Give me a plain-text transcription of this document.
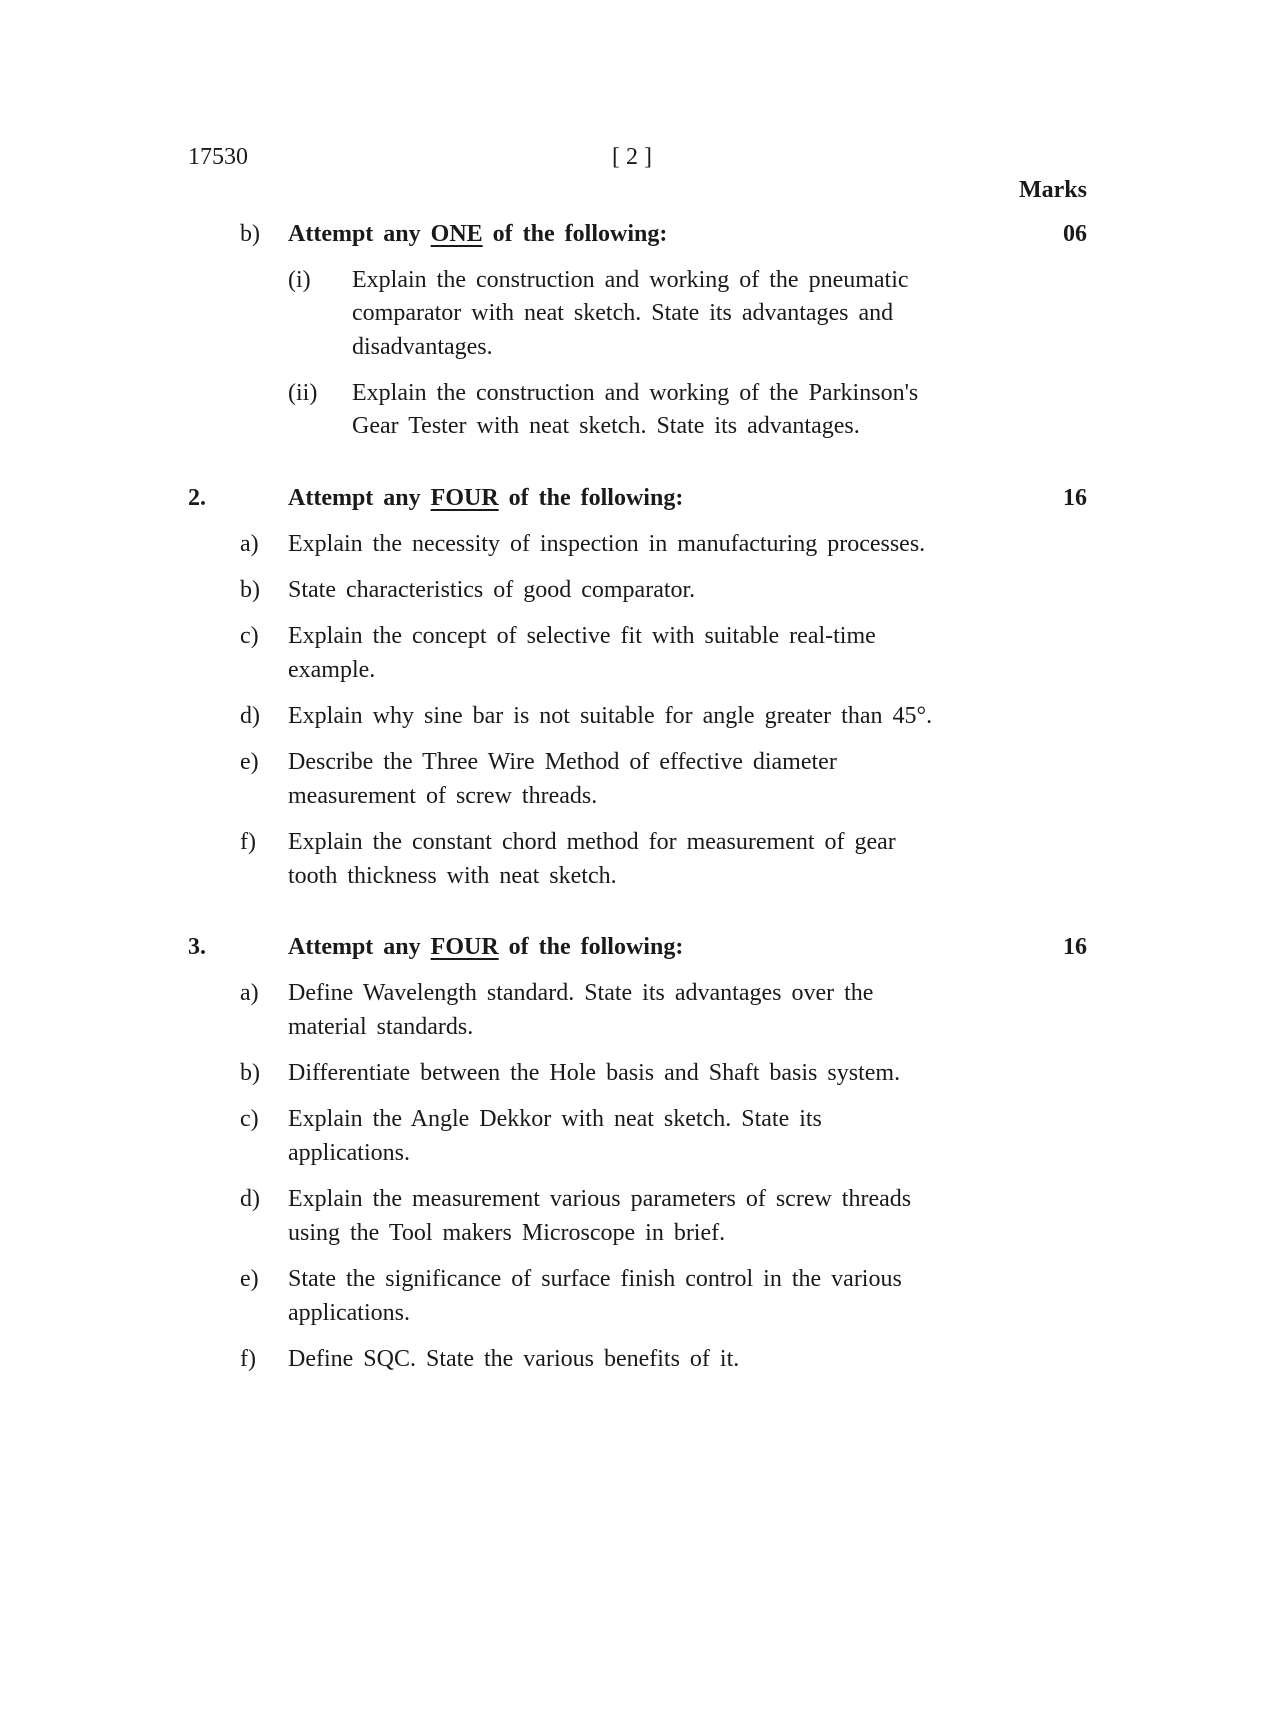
17530	[ 2 ]
Marks
b) Attempt any ONE of the following:	06
(i) Explain the construction and working of the pneumatic
comparator with neat sketch. State its advantages and
disadvantages.
(ii) Explain the construction and working of the Parkinson's
Gear Tester with neat sketch. State its advantages.
2.	Attempt any FOUR of the following:	16
a) Explain the necessity of inspection in manufacturing processes.
b) State characteristics of good comparator.
c) Explain the concept of selective fit with suitable real-time
example.
d) Explain why sine bar is not suitable for angle greater than 45°.
e) Describe the Three Wire Method of effective diameter
measurement of screw threads.
f) Explain the constant chord method for measurement of gear
tooth thickness with neat sketch.
3.	Attempt any FOUR of the following:	16
a) Define Wavelength standard. State its advantages over the
material standards.
b) Differentiate between the Hole basis and Shaft basis system.
c) Explain the Angle Dekkor with neat sketch. State its
applications.
d) Explain the measurement various parameters of screw threads
using the Tool makers Microscope in brief.
e) State the significance of surface finish control in the various
applications.
f) Define SQC. State the various benefits of it.
